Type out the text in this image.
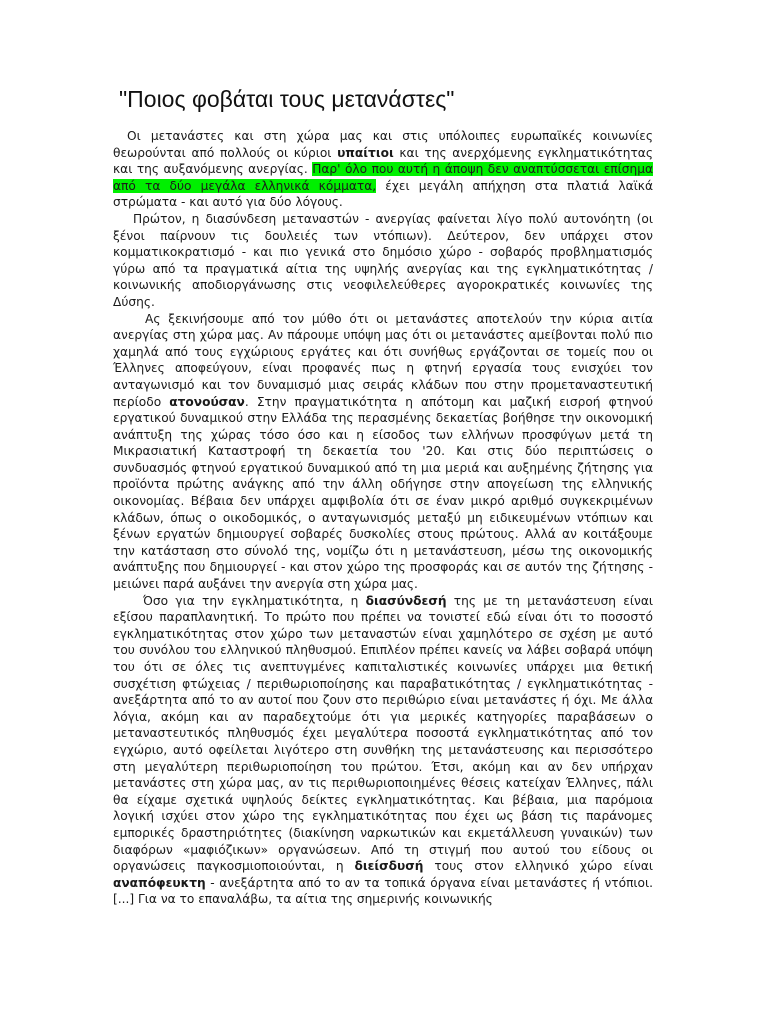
"Ποιος φοβάται τους μετανάστες"

Οι μετανάστες και στη χώρα μας και στις υπόλοιπες ευρωπαϊκές κοινωνίες θεωρούνται από πολλούς οι κύριοι υπαίτιοι και της ανερχόμενης εγκληματικότητας και της αυξανόμενης ανεργίας. Παρ' όλο που αυτή η άποψη δεν αναπτύσσεται επίσημα από τα δύο μεγάλα ελληνικά κόμματα, έχει μεγάλη απήχηση στα πλατιά λαϊκά στρώματα - και αυτό για δύο λόγους.

Πρώτον, η διασύνδεση μεταναστών - ανεργίας φαίνεται λίγο πολύ αυτονόητη (οι ξένοι παίρνουν τις δουλειές των ντόπιων). Δεύτερον, δεν υπάρχει στον κομματικοκρατισμό - και πιο γενικά στο δημόσιο χώρο - σοβαρός προβληματισμός γύρω από τα πραγματικά αίτια της υψηλής ανεργίας και της εγκληματικότητας / κοινωνικής αποδιοργάνωσης στις νεοφιλελεύθερες αγοροκρατικές κοινωνίες της Δύσης.

Ας ξεκινήσουμε από τον μύθο ότι οι μετανάστες αποτελούν την κύρια αιτία ανεργίας στη χώρα μας. Αν πάρουμε υπόψη μας ότι οι μετανάστες αμείβονται πολύ πιο χαμηλά από τους εγχώριους εργάτες και ότι συνήθως εργάζονται σε τομείς που οι Έλληνες αποφεύγουν, είναι προφανές πως η φτηνή εργασία τους ενισχύει τον ανταγωνισμό και τον δυναμισμό μιας σειράς κλάδων που στην προμεταναστευτική περίοδο ατονούσαν. Στην πραγματικότητα η απότομη και μαζική εισροή φτηνού εργατικού δυναμικού στην Ελλάδα της περασμένης δεκαετίας βοήθησε την οικονομική ανάπτυξη της χώρας τόσο όσο και η είσοδος των ελλήνων προσφύγων μετά τη Μικρασιατική Καταστροφή τη δεκαετία του '20. Και στις δύο περιπτώσεις ο συνδυασμός φτηνού εργατικού δυναμικού από τη μια μεριά και αυξημένης ζήτησης για προϊόντα πρώτης ανάγκης από την άλλη οδήγησε στην απογείωση της ελληνικής οικονομίας. Βέβαια δεν υπάρχει αμφιβολία ότι σε έναν μικρό αριθμό συγκεκριμένων κλάδων, όπως ο οικοδομικός, ο ανταγωνισμός μεταξύ μη ειδικευμένων ντόπιων και ξένων εργατών δημιουργεί σοβαρές δυσκολίες στους πρώτους. Αλλά αν κοιτάξουμε την κατάσταση στο σύνολό της, νομίζω ότι η μετανάστευση, μέσω της οικονομικής ανάπτυξης που δημιουργεί - και στον χώρο της προσφοράς και σε αυτόν της ζήτησης - μειώνει παρά αυξάνει την ανεργία στη χώρα μας.

Όσο για την εγκληματικότητα, η διασύνδεσή της με τη μετανάστευση είναι εξίσου παραπλανητική. Το πρώτο που πρέπει να τονιστεί εδώ είναι ότι το ποσοστό εγκληματικότητας στον χώρο των μεταναστών είναι χαμηλότερο σε σχέση με αυτό του συνόλου του ελληνικού πληθυσμού. Επιπλέον πρέπει κανείς να λάβει σοβαρά υπόψη του ότι σε όλες τις ανεπτυγμένες καπιταλιστικές κοινωνίες υπάρχει μια θετική συσχέτιση φτώχειας / περιθωριοποίησης και παραβατικότητας / εγκληματικότητας - ανεξάρτητα από το αν αυτοί που ζουν στο περιθώριο είναι μετανάστες ή όχι. Με άλλα λόγια, ακόμη και αν παραδεχτούμε ότι για μερικές κατηγορίες παραβάσεων ο μεταναστευτικός πληθυσμός έχει μεγαλύτερα ποσοστά εγκληματικότητας από τον εγχώριο, αυτό οφείλεται λιγότερο στη συνθήκη της μετανάστευσης και περισσότερο στη μεγαλύτερη περιθωριοποίηση του πρώτου. Έτσι, ακόμη και αν δεν υπήρχαν μετανάστες στη χώρα μας, αν τις περιθωριοποιημένες θέσεις κατείχαν Έλληνες, πάλι θα είχαμε σχετικά υψηλούς δείκτες εγκληματικότητας. Και βέβαια, μια παρόμοια λογική ισχύει στον χώρο της εγκληματικότητας που έχει ως βάση τις παράνομες εμπορικές δραστηριότητες (διακίνηση ναρκωτικών και εκμετάλλευση γυναικών) των διαφόρων «μαφιόζικων» οργανώσεων. Από τη στιγμή που αυτού του είδους οι οργανώσεις παγκοσμιοποιούνται, η διείσδυσή τους στον ελληνικό χώρο είναι αναπόφευκτη - ανεξάρτητα από το αν τα τοπικά όργανα είναι μετανάστες ή ντόπιοι. [...] Για να το επαναλάβω, τα αίτια της σημερινής κοινωνικής
